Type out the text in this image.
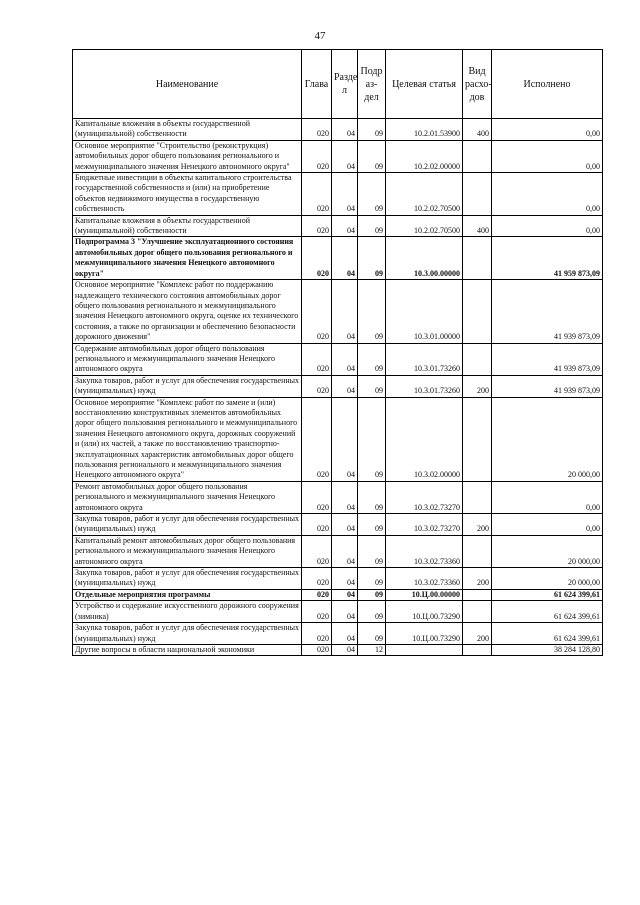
47
Наименование	Глава	Разде л	Подр аз-дел	Целевая статья	Вид расхо-дов	Исполнено
Капитальные вложения в объекты государственной (муниципальной) собственности	020	04	09	10.2.01.53900	400	0,00
Основное мероприятие "Строительство (реконструкция) автомобильных дорог общего пользования регионального и межмуниципального значения Ненецкого автономного округа"	020	04	09	10.2.02.00000		0,00
Бюджетные инвестиции в объекты капитального строительства государственной собственности и (или) на приобретение объектов недвижимого имущества в государственную собственность	020	04	09	10.2.02.70500		0,00
Капитальные вложения в объекты государственной (муниципальной) собственности	020	04	09	10.2.02.70500	400	0,00
Подпрограмма 3 "Улучшение эксплуатационного состояния автомобильных дорог общего пользования регионального и межмуниципального значения Ненецкого автономного округа"	020	04	09	10.3.00.00000		41 959 873,09
Основное мероприятие "Комплекс работ по поддержанию надлежащего технического состояния автомобильных дорог общего пользования регионального и межмуниципального значения Ненецкого автономного округа, оценке их технического состояния, а также по организации и обеспечению безопасности дорожного движения"	020	04	09	10.3.01.00000		41 939 873,09
Содержание автомобильных дорог общего пользования регионального и межмуниципального значения Ненецкого автономного округа	020	04	09	10.3.01.73260		41 939 873,09
Закупка товаров, работ и услуг для обеспечения государственных (муниципальных) нужд	020	04	09	10.3.01.73260	200	41 939 873,09
Основное мероприятие "Комплекс работ по замене и (или) восстановлению конструктивных элементов автомобильных дорог общего пользования регионального и межмуниципального значения Ненецкого автономного округа, дорожных сооружений и (или) их частей, а также по восстановлению транспортно-эксплуатационных характеристик автомобильных дорог общего пользования регионального и межмуниципального значения Ненецкого автономного округа"	020	04	09	10.3.02.00000		20 000,00
Ремонт автомобильных дорог общего пользования регионального и межмуниципального значения Ненецкого автономного округа	020	04	09	10.3.02.73270		0,00
Закупка товаров, работ и услуг для обеспечения государственных (муниципальных) нужд	020	04	09	10.3.02.73270	200	0,00
Капитальный ремонт автомобильных дорог общего пользования регионального и межмуниципального значения Ненецкого автономного округа	020	04	09	10.3.02.73360		20 000,00
Закупка товаров, работ и услуг для обеспечения государственных (муниципальных) нужд	020	04	09	10.3.02.73360	200	20 000,00
Отдельные мероприятия программы	020	04	09	10.Ц.00.00000		61 624 399,61
Устройство и содержание искусственного дорожного сооружения (зимника)	020	04	09	10.Ц.00.73290		61 624 399,61
Закупка товаров, работ и услуг для обеспечения государственных (муниципальных) нужд	020	04	09	10.Ц.00.73290	200	61 624 399,61
Другие вопросы в области национальной экономики	020	04	12			38 284 128,80
